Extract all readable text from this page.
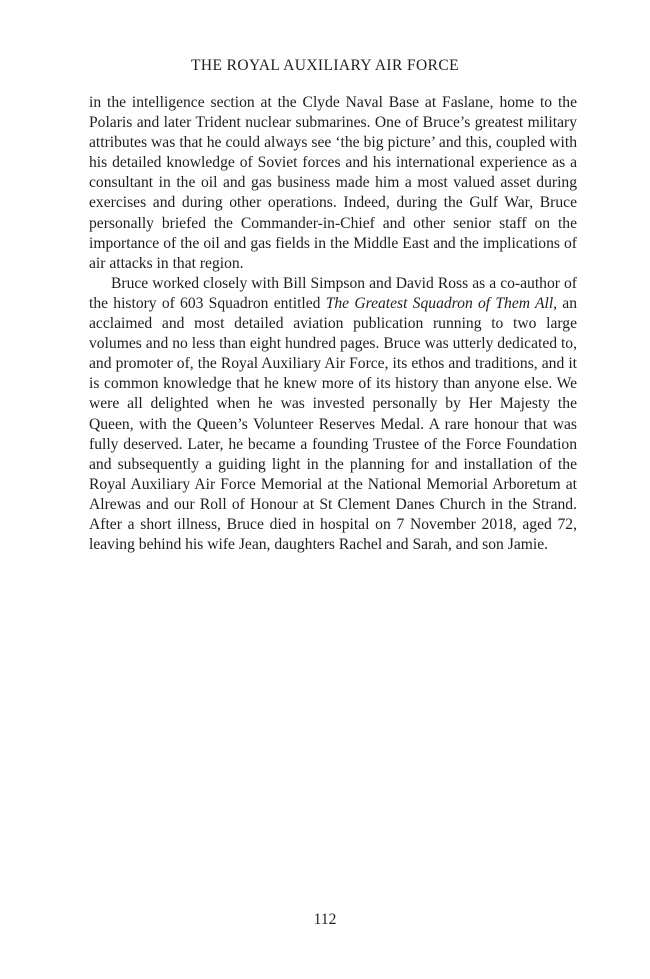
THE ROYAL AUXILIARY AIR FORCE

in the intelligence section at the Clyde Naval Base at Faslane, home to the Polaris and later Trident nuclear submarines. One of Bruce’s greatest military attributes was that he could always see ‘the big picture’ and this, coupled with his detailed knowledge of Soviet forces and his international experience as a consultant in the oil and gas business made him a most valued asset during exercises and during other operations. Indeed, during the Gulf War, Bruce personally briefed the Commander-in-Chief and other senior staff on the importance of the oil and gas fields in the Middle East and the implications of air attacks in that region.

Bruce worked closely with Bill Simpson and David Ross as a co-author of the history of 603 Squadron entitled The Greatest Squadron of Them All, an acclaimed and most detailed aviation publication running to two large volumes and no less than eight hundred pages. Bruce was utterly dedicated to, and promoter of, the Royal Auxiliary Air Force, its ethos and traditions, and it is common knowledge that he knew more of its history than anyone else. We were all delighted when he was invested personally by Her Majesty the Queen, with the Queen’s Volunteer Reserves Medal. A rare honour that was fully deserved. Later, he became a founding Trustee of the Force Foundation and subsequently a guiding light in the planning for and installation of the Royal Auxiliary Air Force Memorial at the National Memorial Arboretum at Alrewas and our Roll of Honour at St Clement Danes Church in the Strand. After a short illness, Bruce died in hospital on 7 November 2018, aged 72, leaving behind his wife Jean, daughters Rachel and Sarah, and son Jamie.

112
